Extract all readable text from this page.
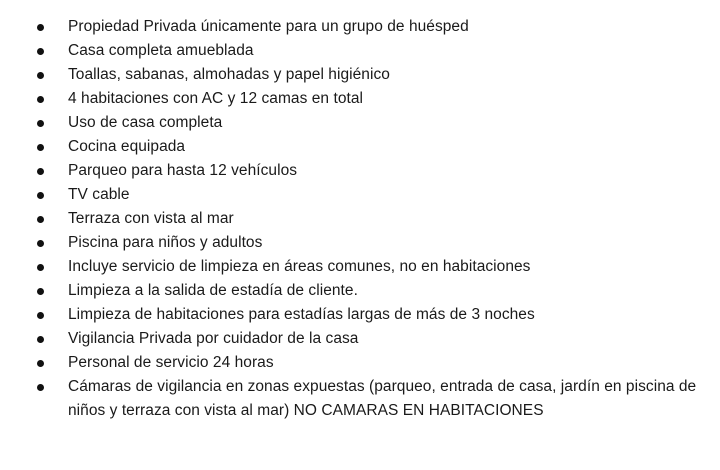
Propiedad Privada únicamente para un grupo de huésped
Casa completa amueblada
Toallas, sabanas, almohadas y papel higiénico
4 habitaciones con AC y 12 camas en total
Uso de casa completa
Cocina equipada
Parqueo para hasta 12 vehículos
TV cable
Terraza con vista al mar
Piscina para niños y adultos
Incluye servicio de limpieza en áreas comunes, no en habitaciones
Limpieza a la salida de estadía de cliente.
Limpieza de habitaciones para estadías largas de más de 3 noches
Vigilancia Privada por cuidador de la casa
Personal de servicio 24 horas
Cámaras de vigilancia en zonas expuestas (parqueo, entrada de casa, jardín en piscina de niños y terraza con vista al mar) NO CAMARAS EN HABITACIONES
